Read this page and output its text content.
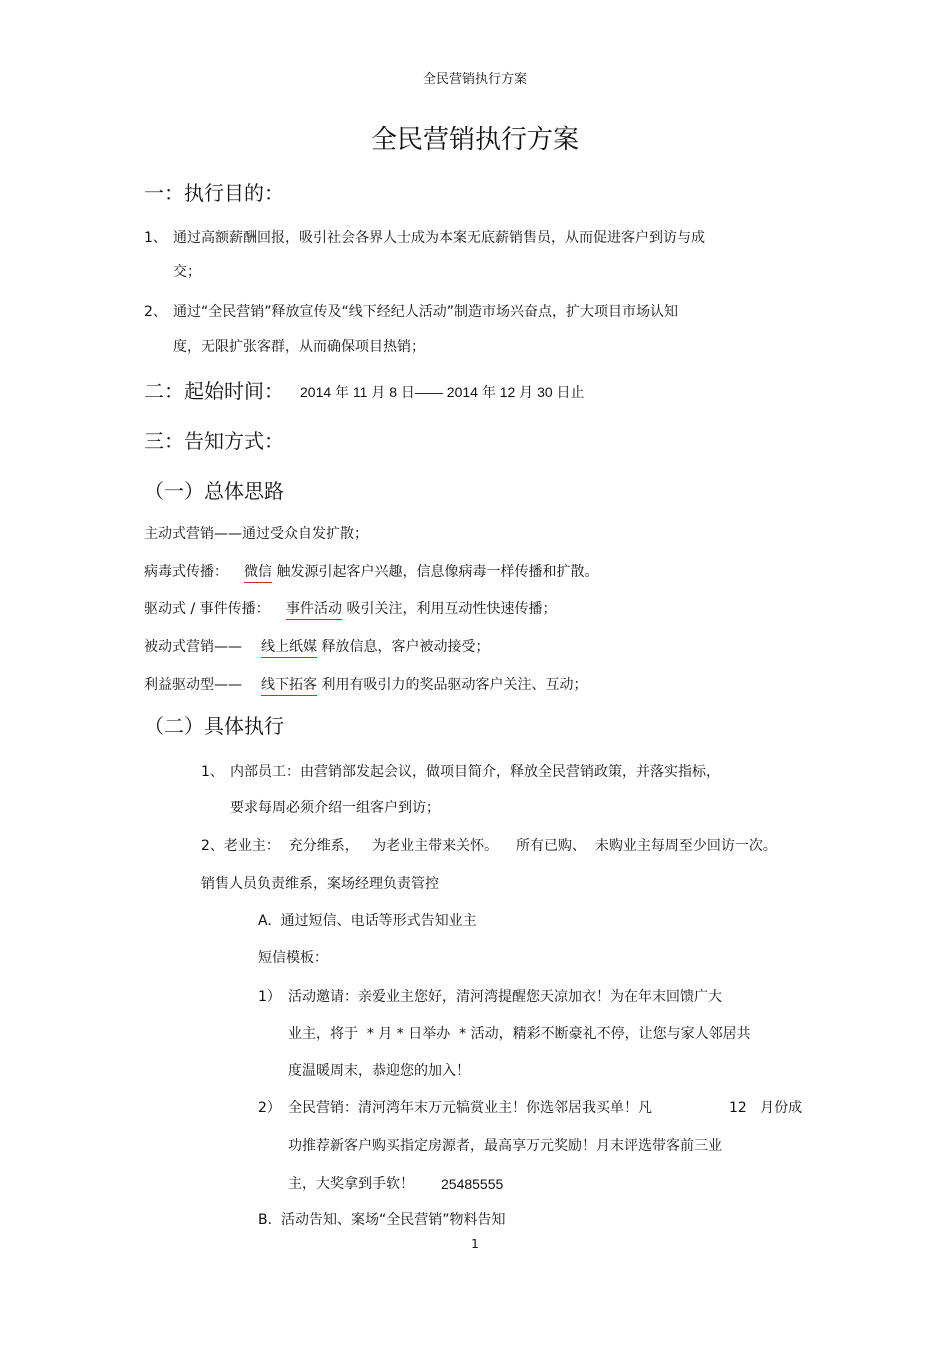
全民营销执行方案
全民营销执行方案
一：执行目的：
1、 通过高额薪酬回报，吸引社会各界人士成为本案无底薪销售员，从而促进客户到访与成
交；
2、 通过“全民营销”释放宣传及“线下经纪人活动”制造市场兴奋点，扩大项目市场认知
度，无限扩张客群，从而确保项目热销；
二：起始时间： 2014 年 11 月 8 日—— 2014 年 12 月 30 日止
三：告知方式：
（一）总体思路
主动式营销——通过受众自发扩散；
病毒式传播： 微信 触发源引起客户兴趣，信息像病毒一样传播和扩散。
驱动式 / 事件传播： 事件活动 吸引关注，利用互动性快速传播；
被动式营销—— 线上纸媒 释放信息，客户被动接受；
利益驱动型—— 线下拓客 利用有吸引力的奖品驱动客户关注、互动；
（二）具体执行
1、 内部员工：由营销部发起会议，做项目简介，释放全民营销政策，并落实指标，
要求每周必须介绍一组客户到访；
2、老业主：  充分维系，   为老业主带来关怀。    所有已购、  未购业主每周至少回访一次。
销售人员负责维系，案场经理负责管控
A.  通过短信、电话等形式告知业主
短信模板：
1） 活动邀请：亲爱业主您好，清河湾提醒您天凉加衣！为在年末回馈广大
业主，将于  * 月 * 日举办  * 活动，精彩不断豪礼不停，让您与家人邻居共
度温暖周末，恭迎您的加入！
2） 全民营销：清河湾年末万元犒赏业主！你选邻居我买单！凡	12   月份成
功推荐新客户购买指定房源者，最高享万元奖励！月末评选带客前三业
主，大奖拿到手软！ 25485555
B.  活动告知、案场“全民营销”物料告知
1
